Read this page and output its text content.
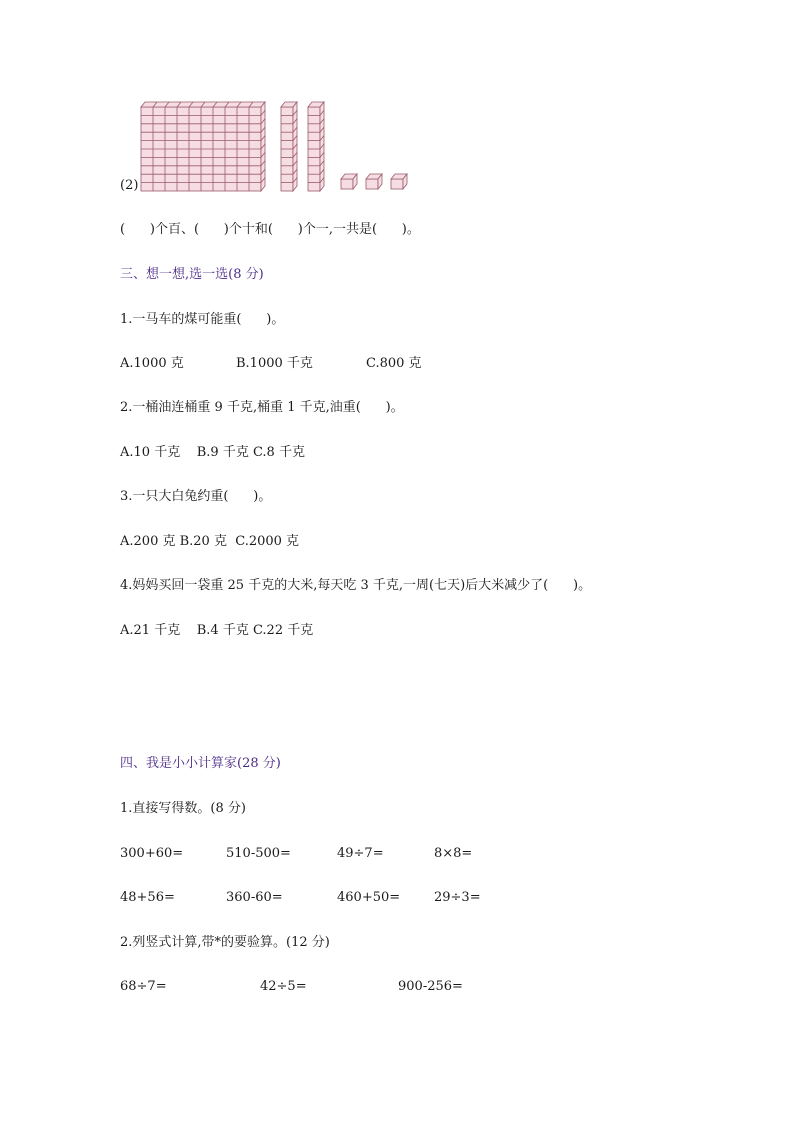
(2)
(      )个百、(      )个十和(      )个一,一共是(      )。
三、想一想,选一选(8 分)
1.一马车的煤可能重(      )。
A.1000 克	B.1000 千克	C.800 克
2.一桶油连桶重 9 千克,桶重 1 千克,油重(      )。
A.10 千克    B.9 千克 C.8 千克
3.一只大白兔约重(      )。
A.200 克 B.20 克  C.2000 克
4.妈妈买回一袋重 25 千克的大米,每天吃 3 千克,一周(七天)后大米减少了(      )。
A.21 千克    B.4 千克 C.22 千克
四、我是小小计算家(28 分)
1.直接写得数。(8 分)
300+60=	510-500=	49÷7=	8×8=
48+56=	360-60=	460+50=	29÷3=
2.列竖式计算,带*的要验算。(12 分)
68÷7=	42÷5=	900-256=
